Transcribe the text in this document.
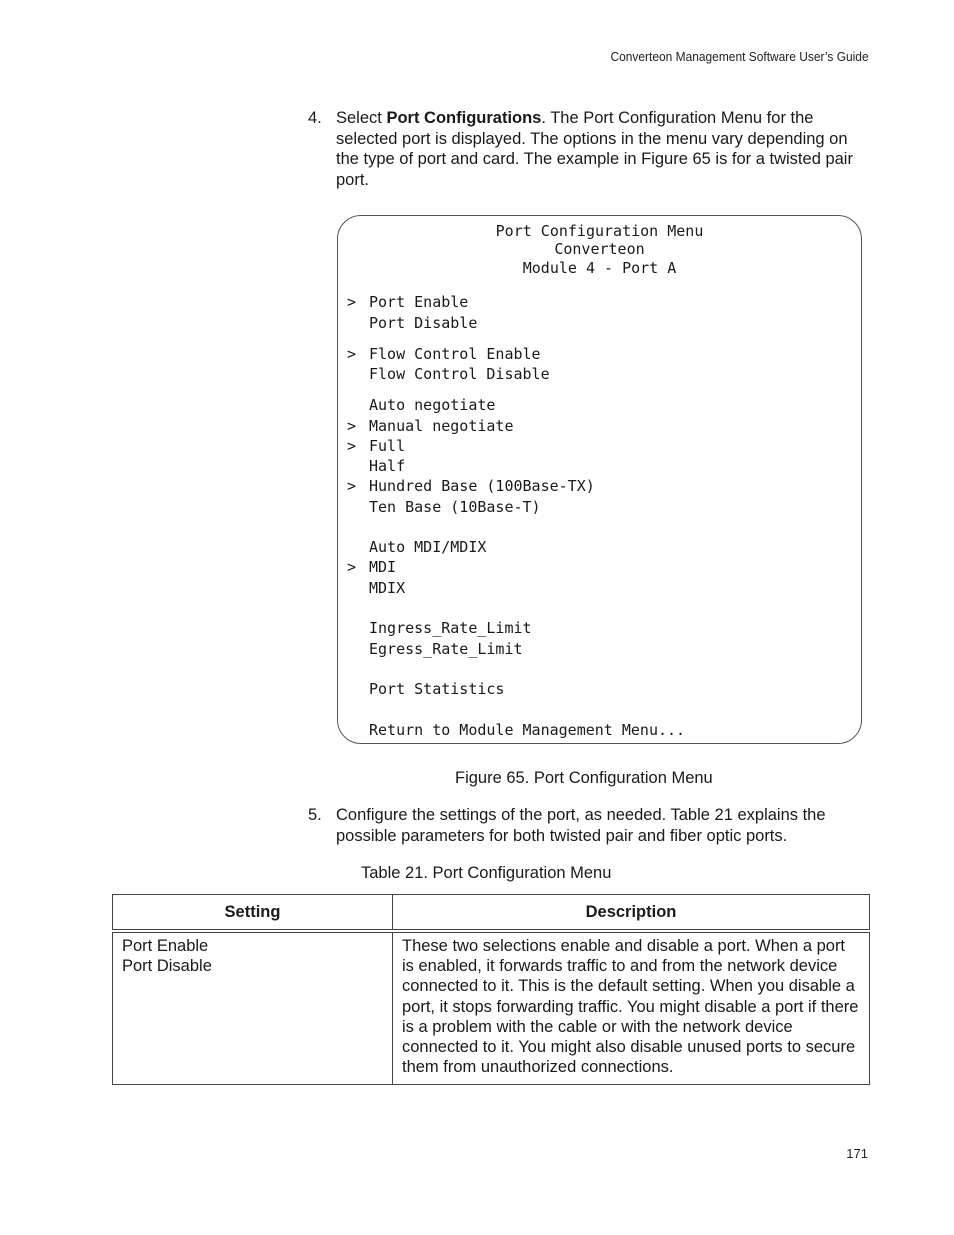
Converteon Management Software User’s Guide
4. Select Port Configurations. The Port Configuration Menu for the selected port is displayed. The options in the menu vary depending on the type of port and card. The example in Figure 65 is for a twisted pair port.
Port Configuration Menu
Converteon
Module 4 - Port A
> Port Enable
Port Disable
> Flow Control Enable
Flow Control Disable
Auto negotiate
> Manual negotiate
> Full
Half
> Hundred Base (100Base-TX)
Ten Base (10Base-T)
Auto MDI/MDIX
> MDI
MDIX
Ingress_Rate_Limit
Egress_Rate_Limit
Port Statistics
Return to Module Management Menu...
Figure 65. Port Configuration Menu
5. Configure the settings of the port, as needed. Table 21 explains the possible parameters for both twisted pair and fiber optic ports.
Table 21. Port Configuration Menu
Setting	Description

Port Enable
Port Disable	These two selections enable and disable a port. When a port is enabled, it forwards traffic to and from the network device connected to it. This is the default setting. When you disable a port, it stops forwarding traffic. You might disable a port if there is a problem with the cable or with the network device connected to it. You might also disable unused ports to secure them from unauthorized connections.
171
